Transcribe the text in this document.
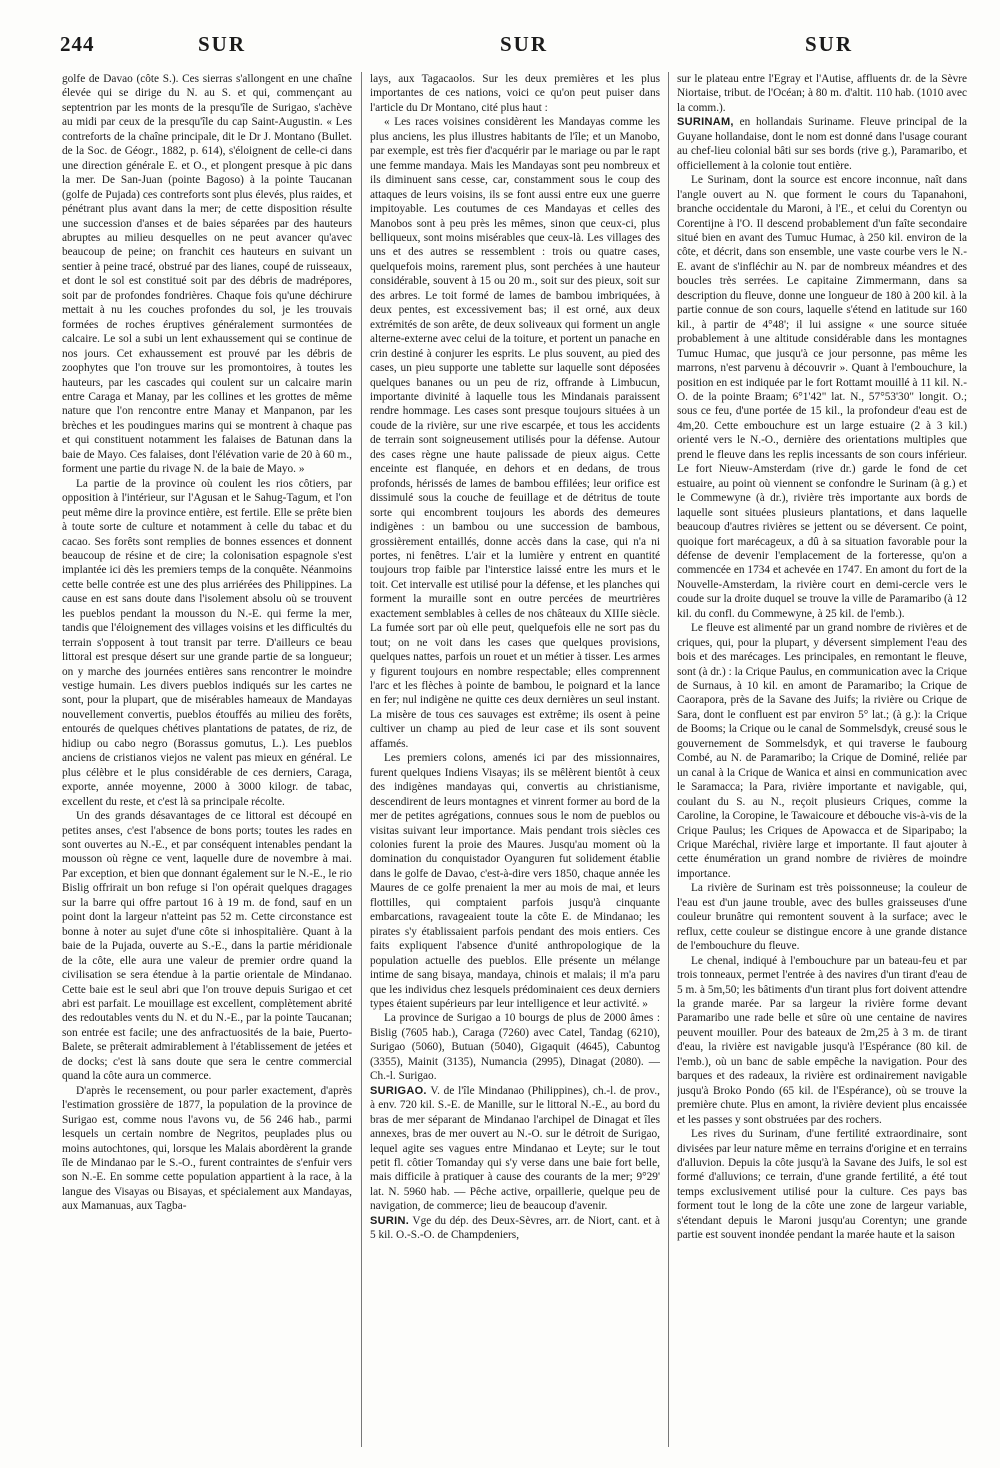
244	SUR	SUR	SUR

golfe de Davao (côte S.). Ces sierras s'allongent en une chaîne élevée qui se dirige du N. au S. et qui, commençant au septentrion par les monts de la presqu'île de Surigao, s'achève au midi par ceux de la presqu'île du cap Saint-Augustin. « Les contreforts de la chaîne principale, dit le Dr J. Montano (Bullet. de la Soc. de Géogr., 1882, p. 614), s'éloignent de celle-ci dans une direction générale E. et O., et plongent presque à pic dans la mer. De San-Juan (pointe Bagoso) à la pointe Taucanan (golfe de Pujada) ces contreforts sont plus élevés, plus raides, et pénétrant plus avant dans la mer; de cette disposition résulte une succession d'anses et de baies séparées par des hauteurs abruptes au milieu desquelles on ne peut avancer qu'avec beaucoup de peine; on franchit ces hauteurs en suivant un sentier à peine tracé, obstrué par des lianes, coupé de ruisseaux, et dont le sol est constitué soit par des débris de madrépores, soit par de profondes fondrières. Chaque fois qu'une déchirure mettait à nu les couches profondes du sol, je les trouvais formées de roches éruptives généralement surmontées de calcaire. Le sol a subi un lent exhaussement qui se continue de nos jours. Cet exhaussement est prouvé par les débris de zoophytes que l'on trouve sur les promontoires, à toutes les hauteurs, par les cascades qui coulent sur un calcaire marin entre Caraga et Manay, par les collines et les grottes de même nature que l'on rencontre entre Manay et Manpanon, par les brèches et les poudingues marins qui se montrent à chaque pas et qui constituent notamment les falaises de Batunan dans la baie de Mayo. Ces falaises, dont l'élévation varie de 20 à 60 m., forment une partie du rivage N. de la baie de Mayo. »

La partie de la province où coulent les rios côtiers, par opposition à l'intérieur, sur l'Agusan et le Sahug-Tagum, et l'on peut même dire la province entière, est fertile. Elle se prête bien à toute sorte de culture et notamment à celle du tabac et du cacao. Ses forêts sont remplies de bonnes essences et donnent beaucoup de résine et de cire; la colonisation espagnole s'est implantée ici dès les premiers temps de la conquête. Néanmoins cette belle contrée est une des plus arriérées des Philippines. La cause en est sans doute dans l'isolement absolu où se trouvent les pueblos pendant la mousson du N.-E. qui ferme la mer, tandis que l'éloignement des villages voisins et les difficultés du terrain s'opposent à tout transit par terre. D'ailleurs ce beau littoral est presque désert sur une grande partie de sa longueur; on y marche des journées entières sans rencontrer le moindre vestige humain. Les divers pueblos indiqués sur les cartes ne sont, pour la plupart, que de misérables hameaux de Mandayas nouvellement convertis, pueblos étouffés au milieu des forêts, entourés de quelques chétives plantations de patates, de riz, de hidiup ou cabo negro (Borassus gomutus, L.). Les pueblos anciens de cristianos viejos ne valent pas mieux en général. Le plus célèbre et le plus considérable de ces derniers, Caraga, exporte, année moyenne, 2000 à 3000 kilogr. de tabac, excellent du reste, et c'est là sa principale récolte.

Un des grands désavantages de ce littoral est découpé en petites anses, c'est l'absence de bons ports; toutes les rades en sont ouvertes au N.-E., et par conséquent intenables pendant la mousson où règne ce vent, laquelle dure de novembre à mai. Par exception, et bien que donnant également sur le N.-E., le rio Bislig offrirait un bon refuge si l'on opérait quelques dragages sur la barre qui offre partout 16 à 19 m. de fond, sauf en un point dont la largeur n'atteint pas 52 m. Cette circonstance est bonne à noter au sujet d'une côte si inhospitalière. Quant à la baie de la Pujada, ouverte au S.-E., dans la partie méridionale de la côte, elle aura une valeur de premier ordre quand la civilisation se sera étendue à la partie orientale de Mindanao. Cette baie est le seul abri que l'on trouve depuis Surigao et cet abri est parfait. Le mouillage est excellent, complètement abrité des redoutables vents du N. et du N.-E., par la pointe Taucanan; son entrée est facile; une des anfractuosités de la baie, Puerto-Balete, se prêterait admirablement à l'établissement de jetées et de docks; c'est là sans doute que sera le centre commercial quand la côte aura un commerce.

D'après le recensement, ou pour parler exactement, d'après l'estimation grossière de 1877, la population de la province de Surigao est, comme nous l'avons vu, de 56 246 hab., parmi lesquels un certain nombre de Negritos, peuplades plus ou moins autochtones, qui, lorsque les Malais abordèrent la grande île de Mindanao par le S.-O., furent contraintes de s'enfuir vers son N.-E. En somme cette population appartient à la race, à la langue des Visayas ou Bisayas, et spécialement aux Mandayas, aux Mamanuas, aux Tagba-

lays, aux Tagacaolos. Sur les deux premières et les plus importantes de ces nations, voici ce qu'on peut puiser dans l'article du Dr Montano, cité plus haut :

« Les races voisines considèrent les Mandayas comme les plus anciens, les plus illustres habitants de l'île; et un Manobo, par exemple, est très fier d'acquérir par le mariage ou par le rapt une femme mandaya. Mais les Mandayas sont peu nombreux et ils diminuent sans cesse, car, constamment sous le coup des attaques de leurs voisins, ils se font aussi entre eux une guerre impitoyable. Les coutumes de ces Mandayas et celles des Manobos sont à peu près les mêmes, sinon que ceux-ci, plus belliqueux, sont moins misérables que ceux-là. Les villages des uns et des autres se ressemblent : trois ou quatre cases, quelquefois moins, rarement plus, sont perchées à une hauteur considérable, souvent à 15 ou 20 m., soit sur des pieux, soit sur des arbres. Le toit formé de lames de bambou imbriquées, à deux pentes, est excessivement bas; il est orné, aux deux extrémités de son arête, de deux soliveaux qui forment un angle alterne-externe avec celui de la toiture, et portent un panache en crin destiné à conjurer les esprits. Le plus souvent, au pied des cases, un pieu supporte une tablette sur laquelle sont déposées quelques bananes ou un peu de riz, offrande à Limbucun, importante divinité à laquelle tous les Mindanais paraissent rendre hommage. Les cases sont presque toujours situées à un coude de la rivière, sur une rive escarpée, et tous les accidents de terrain sont soigneusement utilisés pour la défense. Autour des cases règne une haute palissade de pieux aigus. Cette enceinte est flanquée, en dehors et en dedans, de trous profonds, hérissés de lames de bambou effilées; leur orifice est dissimulé sous la couche de feuillage et de détritus de toute sorte qui encombrent toujours les abords des demeures indigènes : un bambou ou une succession de bambous, grossièrement entaillés, donne accès dans la case, qui n'a ni portes, ni fenêtres. L'air et la lumière y entrent en quantité toujours trop faible par l'interstice laissé entre les murs et le toit. Cet intervalle est utilisé pour la défense, et les planches qui forment la muraille sont en outre percées de meurtrières exactement semblables à celles de nos châteaux du XIIIe siècle. La fumée sort par où elle peut, quelquefois elle ne sort pas du tout; on ne voit dans les cases que quelques provisions, quelques nattes, parfois un rouet et un métier à tisser. Les armes y figurent toujours en nombre respectable; elles comprennent l'arc et les flèches à pointe de bambou, le poignard et la lance en fer; nul indigène ne quitte ces deux dernières un seul instant. La misère de tous ces sauvages est extrême; ils osent à peine cultiver un champ au pied de leur case et ils sont souvent affamés.

Les premiers colons, amenés ici par des missionnaires, furent quelques Indiens Visayas; ils se mêlèrent bientôt à ceux des indigènes mandayas qui, convertis au christianisme, descendirent de leurs montagnes et vinrent former au bord de la mer de petites agrégations, connues sous le nom de pueblos ou visitas suivant leur importance. Mais pendant trois siècles ces colonies furent la proie des Maures. Jusqu'au moment où la domination du conquistador Oyanguren fut solidement établie dans le golfe de Davao, c'est-à-dire vers 1850, chaque année les Maures de ce golfe prenaient la mer au mois de mai, et leurs flottilles, qui comptaient parfois jusqu'à cinquante embarcations, ravageaient toute la côte E. de Mindanao; les pirates s'y établissaient parfois pendant des mois entiers. Ces faits expliquent l'absence d'unité anthropologique de la population actuelle des pueblos. Elle présente un mélange intime de sang bisaya, mandaya, chinois et malais; il m'a paru que les individus chez lesquels prédominaient ces deux derniers types étaient supérieurs par leur intelligence et leur activité. »

La province de Surigao a 10 bourgs de plus de 2000 âmes : Bislig (7605 hab.), Caraga (7260) avec Catel, Tandag (6210), Surigao (5060), Butuan (5040), Gigaquit (4645), Cabuntog (3355), Mainit (3135), Numancia (2995), Dinagat (2080). — Ch.-l. Surigao.

SURIGAO. V. de l'île Mindanao (Philippines), ch.-l. de prov., à env. 720 kil. S.-E. de Manille, sur le littoral N.-E., au bord du bras de mer séparant de Mindanao l'archipel de Dinagat et îles annexes, bras de mer ouvert au N.-O. sur le détroit de Surigao, lequel agite ses vagues entre Mindanao et Leyte; sur le tout petit fl. côtier Tomanday qui s'y verse dans une baie fort belle, mais difficile à pratiquer à cause des courants de la mer; 9°29' lat. N. 5960 hab. — Pêche active, orpaillerie, quelque peu de navigation, de commerce; lieu de beaucoup d'avenir.

SURIN. Vge du dép. des Deux-Sèvres, arr. de Niort, cant. et à 5 kil. O.-S.-O. de Champdeniers,

sur le plateau entre l'Egray et l'Autise, affluents dr. de la Sèvre Niortaise, tribut. de l'Océan; à 80 m. d'altit. 110 hab. (1010 avec la comm.).

SURINAM, en hollandais Suriname. Fleuve principal de la Guyane hollandaise, dont le nom est donné dans l'usage courant au chef-lieu colonial bâti sur ses bords (rive g.), Paramaribo, et officiellement à la colonie tout entière.

Le Surinam, dont la source est encore inconnue, naît dans l'angle ouvert au N. que forment le cours du Tapanahoni, branche occidentale du Maroni, à l'E., et celui du Corentyn ou Corentijne à l'O. Il descend probablement d'un faîte secondaire situé bien en avant des Tumuc Humac, à 250 kil. environ de la côte, et décrit, dans son ensemble, une vaste courbe vers le N.-E. avant de s'infléchir au N. par de nombreux méandres et des boucles très serrées. Le capitaine Zimmermann, dans sa description du fleuve, donne une longueur de 180 à 200 kil. à la partie connue de son cours, laquelle s'étend en latitude sur 160 kil., à partir de 4°48'; il lui assigne « une source située probablement à une altitude considérable dans les montagnes Tumuc Humac, que jusqu'à ce jour personne, pas même les marrons, n'est parvenu à découvrir ». Quant à l'embouchure, la position en est indiquée par le fort Rottamt mouillé à 11 kil. N.-O. de la pointe Braam; 6°1'42" lat. N., 57°53'30" longit. O.; sous ce feu, d'une portée de 15 kil., la profondeur d'eau est de 4m,20. Cette embouchure est un large estuaire (2 à 3 kil.) orienté vers le N.-O., dernière des orientations multiples que prend le fleuve dans les replis incessants de son cours inférieur. Le fort Nieuw-Amsterdam (rive dr.) garde le fond de cet estuaire, au point où viennent se confondre le Surinam (à g.) et le Commewyne (à dr.), rivière très importante aux bords de laquelle sont situées plusieurs plantations, et dans laquelle beaucoup d'autres rivières se jettent ou se déversent. Ce point, quoique fort marécageux, a dû à sa situation favorable pour la défense de devenir l'emplacement de la forteresse, qu'on a commencée en 1734 et achevée en 1747. En amont du fort de la Nouvelle-Amsterdam, la rivière court en demi-cercle vers le coude sur la droite duquel se trouve la ville de Paramaribo (à 12 kil. du confl. du Commewyne, à 25 kil. de l'emb.).

Le fleuve est alimenté par un grand nombre de rivières et de criques, qui, pour la plupart, y déversent simplement l'eau des bois et des marécages. Les principales, en remontant le fleuve, sont (à dr.) : la Crique Paulus, en communication avec la Crique de Surnaus, à 10 kil. en amont de Paramaribo; la Crique de Caorapora, près de la Savane des Juifs; la rivière ou Crique de Sara, dont le confluent est par environ 5° lat.; (à g.): la Crique de Booms; la Crique ou le canal de Sommelsdyk, creusé sous le gouvernement de Sommelsdyk, et qui traverse le faubourg Combé, au N. de Paramaribo; la Crique de Dominé, reliée par un canal à la Crique de Wanica et ainsi en communication avec le Saramacca; la Para, rivière importante et navigable, qui, coulant du S. au N., reçoit plusieurs Criques, comme la Caroline, la Coropine, le Tawaicoure et débouche vis-à-vis de la Crique Paulus; les Criques de Apowacca et de Siparipabo; la Crique Maréchal, rivière large et importante. Il faut ajouter à cette énumération un grand nombre de rivières de moindre importance.

La rivière de Surinam est très poissonneuse; la couleur de l'eau est d'un jaune trouble, avec des bulles graisseuses d'une couleur brunâtre qui remontent souvent à la surface; avec le reflux, cette couleur se distingue encore à une grande distance de l'embouchure du fleuve.

Le chenal, indiqué à l'embouchure par un bateau-feu et par trois tonneaux, permet l'entrée à des navires d'un tirant d'eau de 5 m. à 5m,50; les bâtiments d'un tirant plus fort doivent attendre la grande marée. Par sa largeur la rivière forme devant Paramaribo une rade belle et sûre où une centaine de navires peuvent mouiller. Pour des bateaux de 2m,25 à 3 m. de tirant d'eau, la rivière est navigable jusqu'à l'Espérance (80 kil. de l'emb.), où un banc de sable empêche la navigation. Pour des barques et des radeaux, la rivière est ordinairement navigable jusqu'à Broko Pondo (65 kil. de l'Espérance), où se trouve la première chute. Plus en amont, la rivière devient plus encaissée et les passes y sont obstruées par des rochers.

Les rives du Surinam, d'une fertilité extraordinaire, sont divisées par leur nature même en terrains d'origine et en terrains d'alluvion. Depuis la côte jusqu'à la Savane des Juifs, le sol est formé d'alluvions; ce terrain, d'une grande fertilité, a été tout temps exclusivement utilisé pour la culture. Ces pays bas forment tout le long de la côte une zone de largeur variable, s'étendant depuis le Maroni jusqu'au Corentyn; une grande partie est souvent inondée pendant la marée haute et la saison
